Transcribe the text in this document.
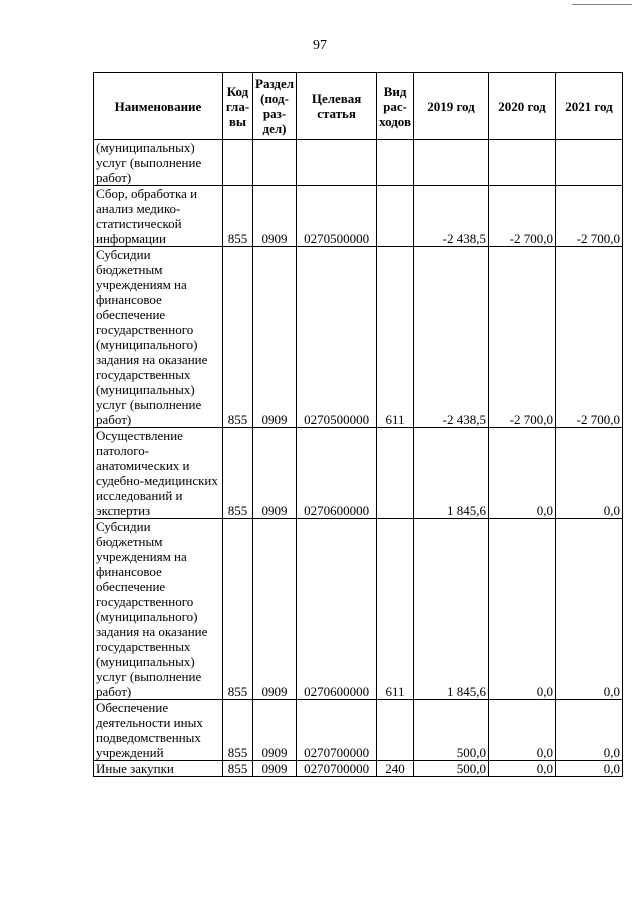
97
Наименование	Код гла- вы	Раздел (под- раз- дел)	Целевая статья	Вид рас- ходов	2019 год	2020 год	2021 год
(муниципальных) услуг (выполнение работ)							
Сбор, обработка и анализ медико-статистической информации	855	0909	0270500000		-2 438,5	-2 700,0	-2 700,0
Субсидии бюджетным учреждениям на финансовое обеспечение государственного (муниципального) задания на оказание государственных (муниципальных) услуг (выполнение работ)	855	0909	0270500000	611	-2 438,5	-2 700,0	-2 700,0
Осуществление патолого-анатомических и судебно-медицинских исследований и экспертиз	855	0909	0270600000		1 845,6	0,0	0,0
Субсидии бюджетным учреждениям на финансовое обеспечение государственного (муниципального) задания на оказание государственных (муниципальных) услуг (выполнение работ)	855	0909	0270600000	611	1 845,6	0,0	0,0
Обеспечение деятельности иных подведомственных учреждений	855	0909	0270700000		500,0	0,0	0,0
Иные закупки	855	0909	0270700000	240	500,0	0,0	0,0
